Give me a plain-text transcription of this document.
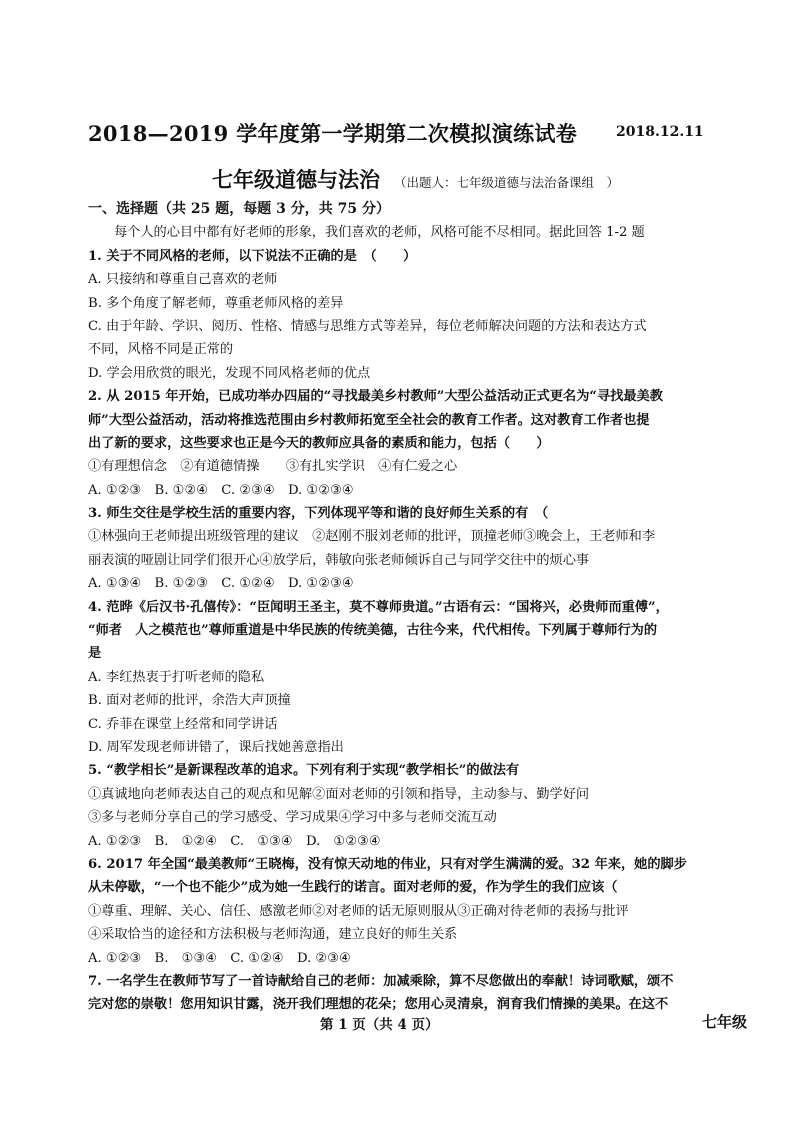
2018—2019 学年度第一学期第二次模拟演练试卷	2018.12.11
七年级道德与法治 （出题人：七年级道德与法治备课组　）
一、选择题（共 25 题，每题 3 分，共 75 分）
每个人的心目中都有好老师的形象，我们喜欢的老师，风格可能不尽相同。据此回答 1-2 题
1. 关于不同风格的老师，以下说法不正确的是　（　　）
A. 只接纳和尊重自己喜欢的老师
B. 多个角度了解老师，尊重老师风格的差异
C. 由于年龄、学识、阅历、性格、情感与思维方式等差异，每位老师解决问题的方法和表达方式
不同，风格不同是正常的
D. 学会用欣赏的眼光，发现不同风格老师的优点
2. 从 2015 年开始，已成功举办四届的“寻找最美乡村教师”大型公益活动正式更名为“寻找最美教
师”大型公益活动，活动将推选范围由乡村教师拓宽至全社会的教育工作者。这对教育工作者也提
出了新的要求，这些要求也正是今天的教师应具备的素质和能力，包括（　　）
①有理想信念　②有道德情操　　③有扎实学识　④有仁爱之心
A. ①②③　B. ①②④　C. ②③④　D. ①②③④
3. 师生交往是学校生活的重要内容，下列体现平等和谐的良好师生关系的有　（
①林强向王老师提出班级管理的建议　②赵刚不服刘老师的批评，顶撞老师③晚会上，王老师和李
丽表演的哑剧让同学们很开心④放学后，韩敏向张老师倾诉自己与同学交往中的烦心事
A. ①③④　B. ①②③　C. ①②④　D. ①②③④
4. 范晔《后汉书·孔僖传》：“臣闻明王圣主，莫不尊师贵道。”古语有云：“国将兴，必贵师而重傅”，
“师者　人之模范也”尊师重道是中华民族的传统美德，古往今来，代代相传。下列属于尊师行为的
是
A. 李红热衷于打听老师的隐私
B. 面对老师的批评，余浩大声顶撞
C. 乔菲在课堂上经常和同学讲话
D. 周军发现老师讲错了，课后找她善意指出
5. “教学相长”是新课程改革的追求。下列有利于实现“教学相长”的做法有
①真诚地向老师表达自己的观点和见解②面对老师的引领和指导，主动参与、勤学好问
③多与老师分享自己的学习感受、学习成果④学习中多与老师交流互动
A. ①②③　B.　①②④　C.　①③④　D.　①②③④
6. 2017 年全国“最美教师“王晓梅，没有惊天动地的伟业，只有对学生满满的爱。32 年来，她的脚步
从未停歇，“一个也不能少”成为她一生践行的诺言。面对老师的爱，作为学生的我们应该（
①尊重、理解、关心、信任、感激老师②对老师的话无原则服从③正确对待老师的表扬与批评
④采取恰当的途径和方法积极与老师沟通，建立良好的师生关系
A. ①②③　B.　①③④　C. ①②④　D. ②③④
7. 一名学生在教师节写了一首诗献给自己的老师：加减乘除，算不尽您做出的奉献！诗词歌赋，颂不
完对您的崇敬！您用知识甘露，浇开我们理想的花朵；您用心灵清泉，润育我们情操的美果。在这不
第 1 页（共 4 页）	七年级
